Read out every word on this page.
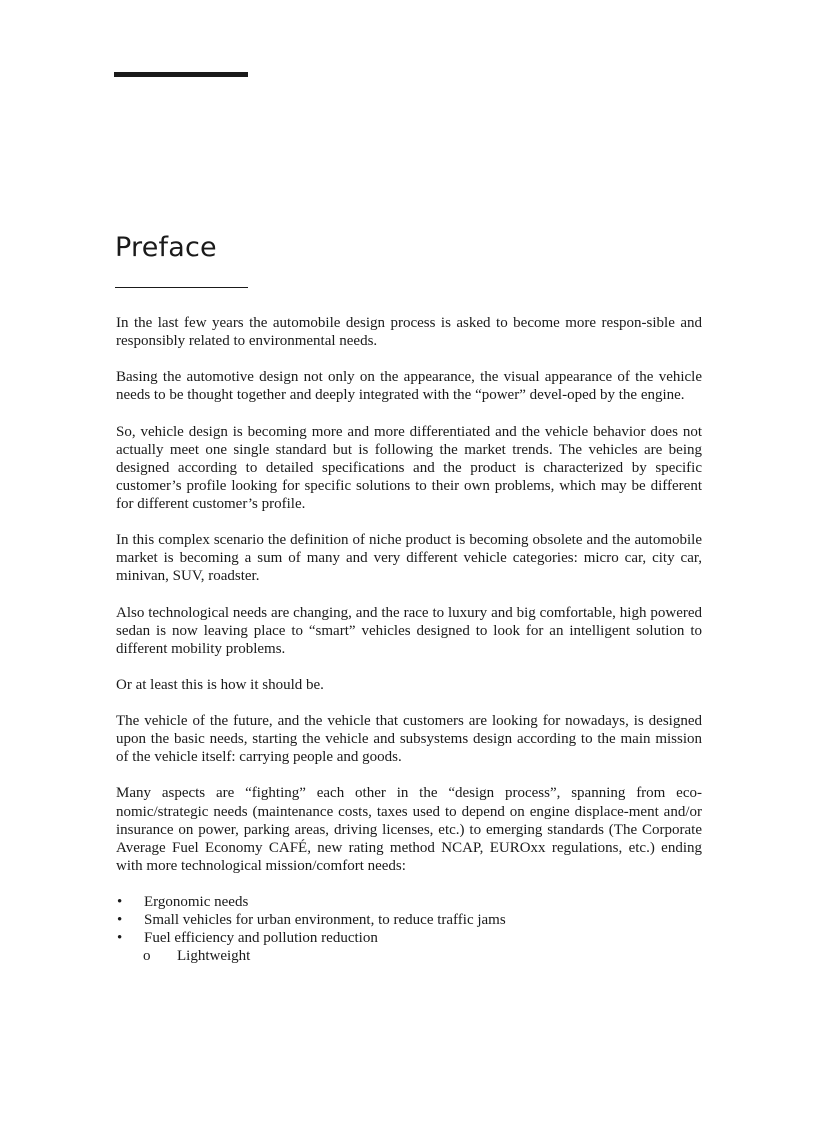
Preface

In the last few years the automobile design process is asked to become more respon-sible and responsibly related to environmental needs.

Basing the automotive design not only on the appearance, the visual appearance of the vehicle needs to be thought together and deeply integrated with the “power” devel-oped by the engine.

So, vehicle design is becoming more and more differentiated and the vehicle behavior does not actually meet one single standard but is following the market trends. The vehicles are being designed according to detailed specifications and the product is characterized by specific customer’s profile looking for specific solutions to their own problems, which may be different for different customer’s profile.

In this complex scenario the definition of niche product is becoming obsolete and the automobile market is becoming a sum of many and very different vehicle categories: micro car, city car, minivan, SUV, roadster.

Also technological needs are changing, and the race to luxury and big comfortable, high powered sedan is now leaving place to “smart” vehicles designed to look for an intelligent solution to different mobility problems.

Or at least this is how it should be.

The vehicle of the future, and the vehicle that customers are looking for nowadays, is designed upon the basic needs, starting the vehicle and subsystems design according to the main mission of the vehicle itself: carrying people and goods.

Many aspects are “fighting” each other in the “design process”, spanning from eco-nomic/strategic needs (maintenance costs, taxes used to depend on engine displace-ment and/or insurance on power, parking areas, driving licenses, etc.) to emerging standards (The Corporate Average Fuel Economy CAFÉ, new rating method NCAP, EUROxx regulations, etc.) ending with more technological mission/comfort needs:

• Ergonomic needs
• Small vehicles for urban environment, to reduce traffic jams
• Fuel efficiency and pollution reduction
o Lightweight
